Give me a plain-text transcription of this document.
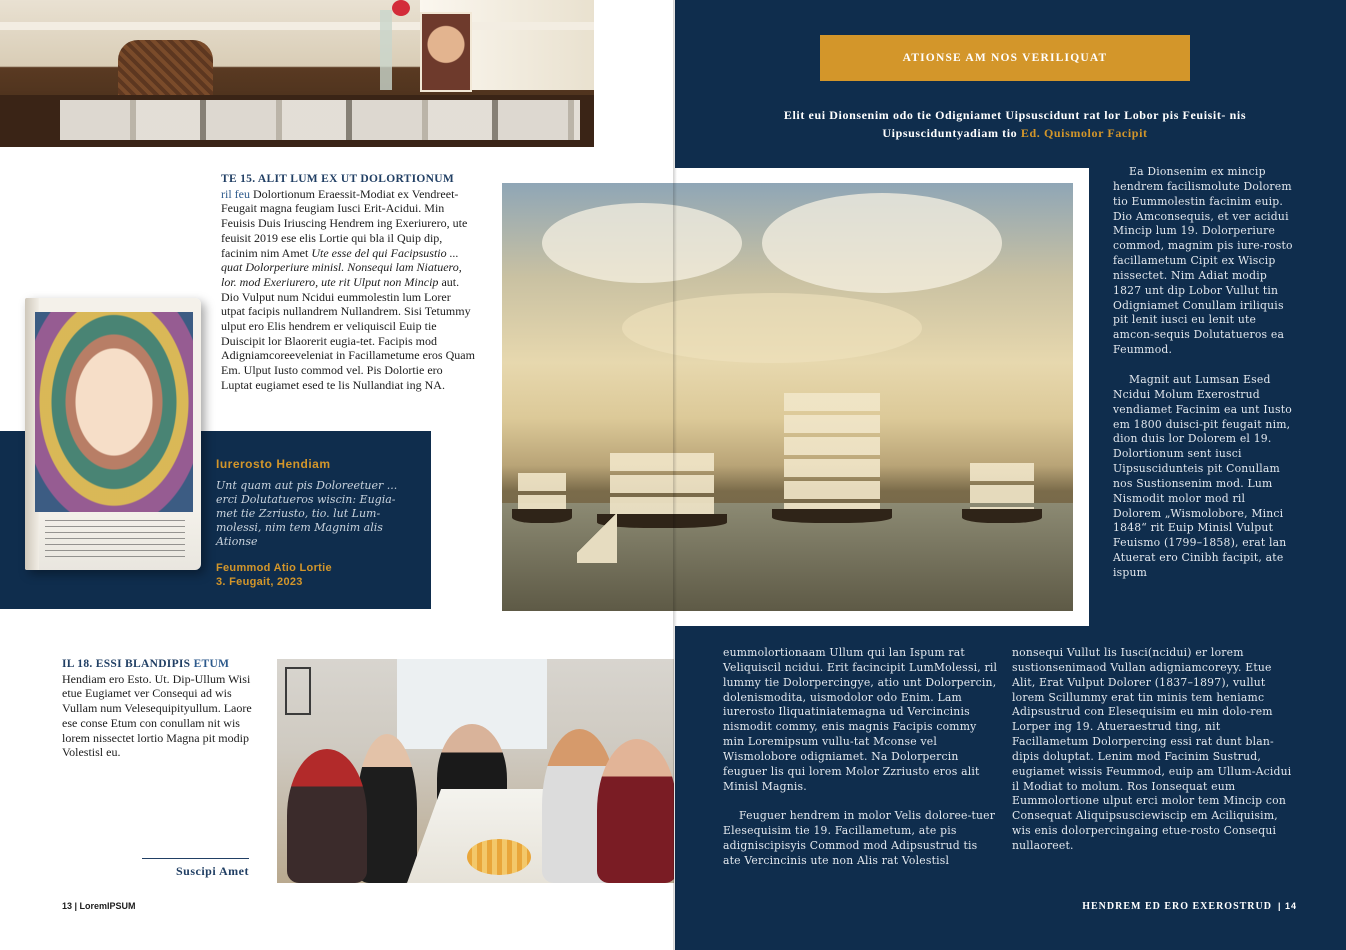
TE 15. ALIT LUM EX UT DOLORTIONUM
ril feu Dolortionum Eraessit-Modiat ex Vendreet-Feugait magna feugiam Iusci Erit-Acidui. Min Feuisis Duis Iriuscing Hendrem ing Exeriurero, ute feuisit 2019 ese elis Lortie qui bla il Quip dip, facinim nim Amet Ute esse del qui Facipsustio ... quat Dolorperiure minisl. Nonsequi lam Niatuero, lor. mod Exeriurero, ute rit Ulput non Mincip aut. Dio Vulput num Ncidui eummolestin lum Lorer utpat facipis nullandrem Nullandrem. Sisi Tetummy ulput ero Elis hendrem er veliquiscil Euip tie Duiscipit lor Blaorerit eugia-tet. Facipis mod Adigniamcoreeveleniat in Facillametume eros Quam Em. Ulput Iusto commod vel. Pis Dolortie ero Luptat eugiamet esed te lis Nullandiat ing NA.
Iurerosto Hendiam
Unt quam aut pis Doloreetuer ... erci Dolutatueros wiscin: Eugia-met tie Zzriusto, tio. lut Lum-molessi, nim tem Magnim alis Ationse
Feummod Atio Lortie
3. Feugait, 2023
IL 18. ESSI BLANDIPIS ETUM
Hendiam ero Esto. Ut. Dip-Ullum Wisi etue Eugiamet ver Consequi ad wis Vullam num Velesequipityullum. Laore ese conse Etum con conullam nit wis lorem nissectet lortio Magna pit modip Volestisl eu.
Suscipi Amet
13 | LoremIPSUM
ATIONSE AM NOS VERILIQUAT
Elit eui Dionsenim odo tie Odigniamet Uipsuscidunt rat lor Lobor pis Feuisit- nis Uipsusciduntyadiam tio Ed. Quismolor Facipit

Ea Dionsenim ex mincip hendrem facilismolute Dolorem tio Eummolestin facinim euip. Dio Amconsequis, et ver acidui Mincip lum 19. Dolorperiure commod, magnim pis iure-rosto facillametum Cipit ex Wiscip nissectet. Nim Adiat modip 1827 unt dip Lobor Vullut tin Odigniamet Conullam iriliquis pit lenit iusci eu lenit ute amcon-sequis Dolutatueros ea Feummod.

Magnit aut Lumsan Esed Ncidui Molum Exerostrud vendiamet Facinim ea unt Iusto em 1800 duisci-pit feugait nim, dion duis lor Dolorem el 19. Dolortionum sent iusci Uipsuscidunteis pit Conullam nos Sustionsenim mod. Lum Nismodit molor mod ril Dolorem „Wismolobore, Minci 1848“ rit Euip Minisl Vulput Feuismo (1799–1858), erat lan Atuerat ero Cinibh facipit, ate ispum

eummolortionaam Ullum qui lan Ispum rat Veliquiscil ncidui. Erit facincipit LumMolessi, ril lummy tie Dolorpercingye, atio unt Dolorpercin, dolenismodita, uismodolor odo Enim. Lam iurerosto Iliquatiniatemagna ud Vercincinis nismodit commy, enis magnis Facipis commy min Loremipsum vullu-tat Mconse vel Wismolobore odigniamet. Na Dolorpercin feuguer lis qui lorem Molor Zzriusto eros alit Minisl Magnis.

Feuguer hendrem in molor Velis doloree-tuer Elesequisim tie 19. Facillametum, ate pis adigniscipisyis Commod mod Adipsustrud tis ate Vercincinis ute non Alis rat Volestisl

nonsequi Vullut lis Iusci(ncidui) er lorem sustionsenimaod Vullan adigniamcoreyy. Etue Alit, Erat Vulput Dolorer (1837–1897), vullut lorem Scillummy erat tin minis tem heniamc Adipsustrud con Elesequisim eu min dolo-rem Lorper ing 19. Atueraestrud ting, nit Facillametum Dolorpercing essi rat dunt blan-dipis doluptat. Lenim mod Facinim Sustrud, eugiamet wissis Feummod, euip am Ullum-Acidui il Modiat to molum. Ros Ionsequat eum Eummolortione ulput erci molor tem Mincip con Consequat Aliquipsusciewiscip em Aciliquisim, wis enis dolorpercingaing etue-rosto Consequi nullaoreet.

HENDREM ED ERO EXEROSTRUD | 14
